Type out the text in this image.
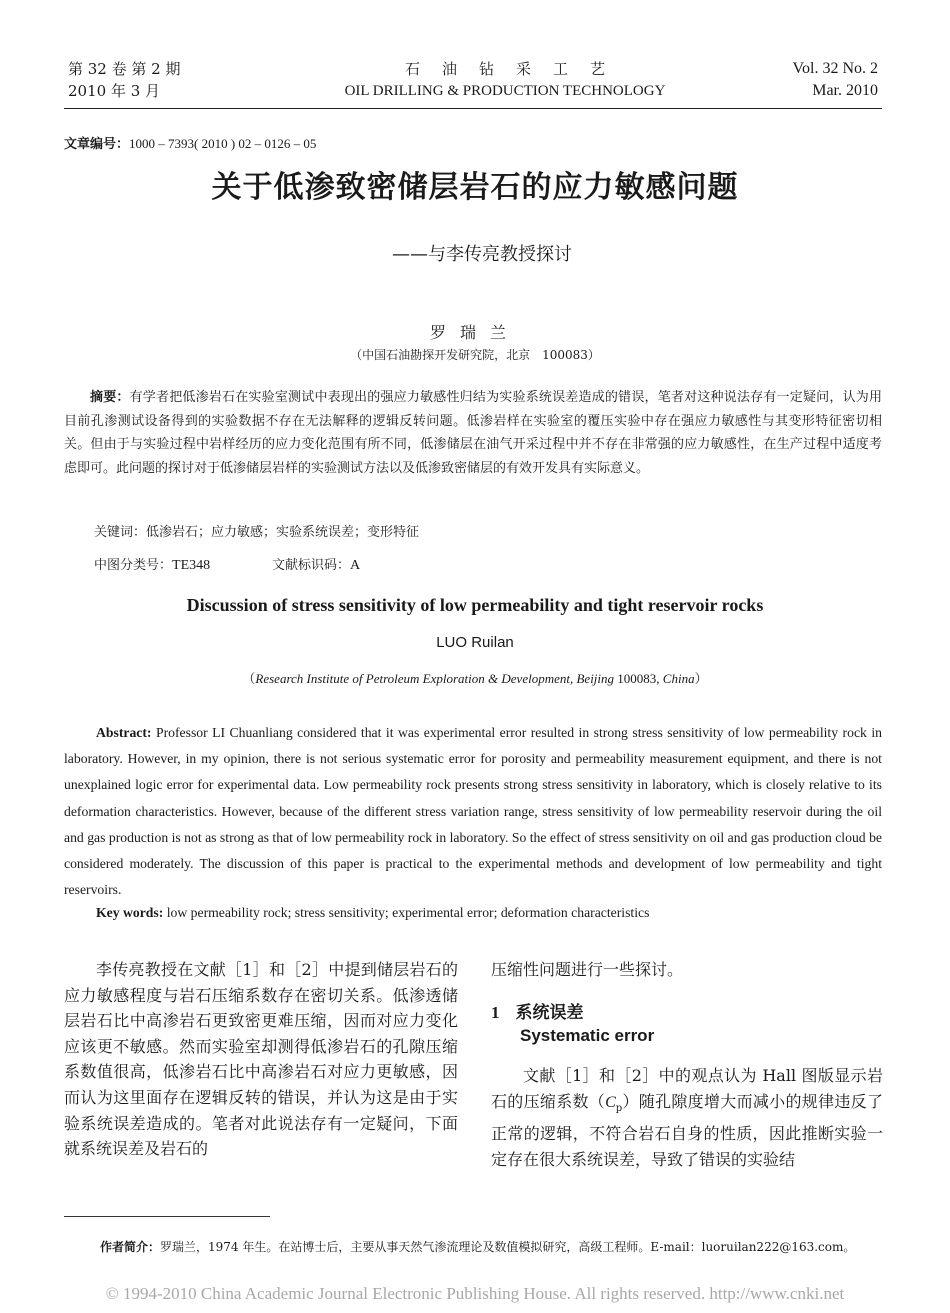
第 32 卷 第 2 期
2010 年 3 月
石油钻采工艺
OIL DRILLING & PRODUCTION TECHNOLOGY
Vol. 32 No. 2
Mar. 2010
文章编号：1000 – 7393( 2010 ) 02 – 0126 – 05
关于低渗致密储层岩石的应力敏感问题
——与李传亮教授探讨
罗瑞兰
（中国石油勘探开发研究院，北京　100083）
摘要：有学者把低渗岩石在实验室测试中表现出的强应力敏感性归结为实验系统误差造成的错误，笔者对这种说法存有一定疑问，认为用目前孔渗测试设备得到的实验数据不存在无法解释的逻辑反转问题。低渗岩样在实验室的覆压实验中存在强应力敏感性与其变形特征密切相关。但由于与实验过程中岩样经历的应力变化范围有所不同，低渗储层在油气开采过程中并不存在非常强的应力敏感性，在生产过程中适度考虑即可。此问题的探讨对于低渗储层岩样的实验测试方法以及低渗致密储层的有效开发具有实际意义。
关键词：低渗岩石；应力敏感；实验系统误差；变形特征
中图分类号：TE348	文献标识码：A
Discussion of stress sensitivity of low permeability and tight reservoir rocks
LUO Ruilan
（Research Institute of Petroleum Exploration & Development, Beijing 100083, China）
Abstract: Professor LI Chuanliang considered that it was experimental error resulted in strong stress sensitivity of low permeability rock in laboratory. However, in my opinion, there is not serious systematic error for porosity and permeability measurement equipment, and there is not unexplained logic error for experimental data. Low permeability rock presents strong stress sensitivity in laboratory, which is closely relative to its deformation characteristics. However, because of the different stress variation range, stress sensitivity of low permeability reservoir during the oil and gas production is not as strong as that of low permeability rock in laboratory. So the effect of stress sensitivity on oil and gas production cloud be considered moderately. The discussion of this paper is practical to the experimental methods and development of low permeability and tight reservoirs.
Key words: low permeability rock; stress sensitivity; experimental error; deformation characteristics
李传亮教授在文献［1］和［2］中提到储层岩石的应力敏感程度与岩石压缩系数存在密切关系。低渗透储层岩石比中高渗岩石更致密更难压缩，因而对应力变化应该更不敏感。然而实验室却测得低渗岩石的孔隙压缩系数值很高，低渗岩石比中高渗岩石对应力更敏感，因而认为这里面存在逻辑反转的错误，并认为这是由于实验系统误差造成的。笔者对此说法存有一定疑问，下面就系统误差及岩石的
压缩性问题进行一些探讨。
1 系统误差
Systematic error
文献［1］和［2］中的观点认为 Hall 图版显示岩石的压缩系数$(C_p)$随孔隙度增大而减小的规律违反了正常的逻辑，不符合岩石自身的性质，因此推断实验一定存在很大系统误差，导致了错误的实验结
作者简介：罗瑞兰，1974 年生。在站博士后，主要从事天然气渗流理论及数值模拟研究，高级工程师。E-mail：luoruilan222@163.com。
© 1994-2010 China Academic Journal Electronic Publishing House. All rights reserved. http://www.cnki.net
